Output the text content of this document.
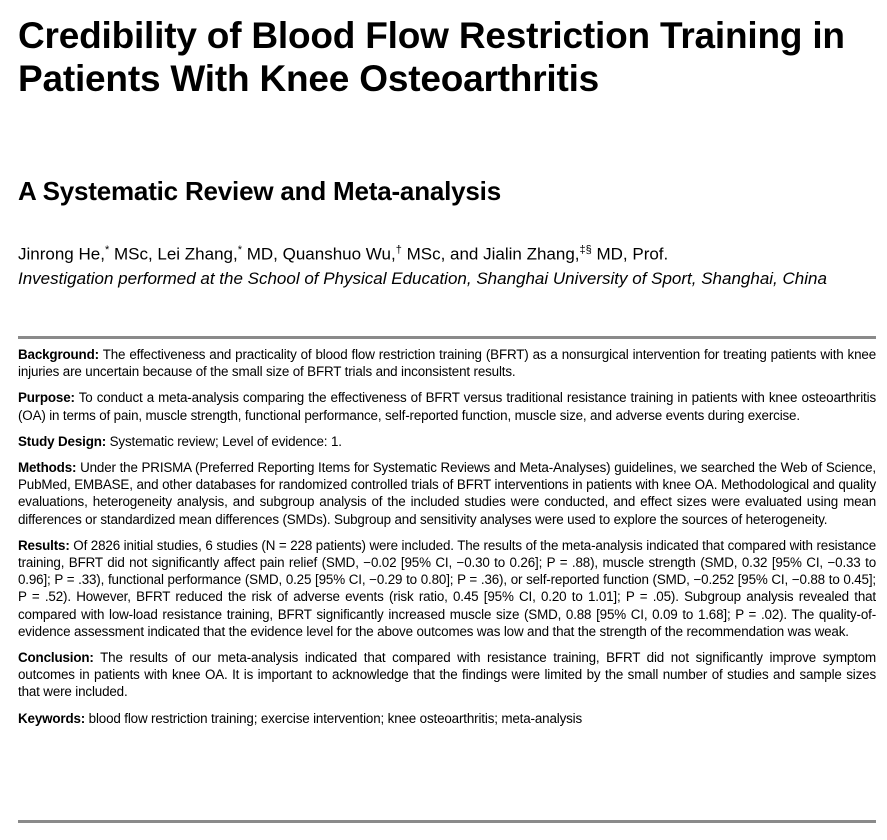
Credibility of Blood Flow Restriction Training in Patients With Knee Osteoarthritis
A Systematic Review and Meta-analysis
Jinrong He,* MSc, Lei Zhang,* MD, Quanshuo Wu,† MSc, and Jialin Zhang,‡§ MD, Prof.
Investigation performed at the School of Physical Education, Shanghai University of Sport, Shanghai, China

Background: The effectiveness and practicality of blood flow restriction training (BFRT) as a nonsurgical intervention for treating patients with knee injuries are uncertain because of the small size of BFRT trials and inconsistent results.

Purpose: To conduct a meta-analysis comparing the effectiveness of BFRT versus traditional resistance training in patients with knee osteoarthritis (OA) in terms of pain, muscle strength, functional performance, self-reported function, muscle size, and adverse events during exercise.

Study Design: Systematic review; Level of evidence: 1.

Methods: Under the PRISMA (Preferred Reporting Items for Systematic Reviews and Meta-Analyses) guidelines, we searched the Web of Science, PubMed, EMBASE, and other databases for randomized controlled trials of BFRT interventions in patients with knee OA. Methodological and quality evaluations, heterogeneity analysis, and subgroup analysis of the included studies were conducted, and effect sizes were evaluated using mean differences or standardized mean differences (SMDs). Subgroup and sensitivity analyses were used to explore the sources of heterogeneity.

Results: Of 2826 initial studies, 6 studies (N = 228 patients) were included. The results of the meta-analysis indicated that compared with resistance training, BFRT did not significantly affect pain relief (SMD, −0.02 [95% CI, −0.30 to 0.26]; P = .88), muscle strength (SMD, 0.32 [95% CI, −0.33 to 0.96]; P = .33), functional performance (SMD, 0.25 [95% CI, −0.29 to 0.80]; P = .36), or self-reported function (SMD, −0.252 [95% CI, −0.88 to 0.45]; P = .52). However, BFRT reduced the risk of adverse events (risk ratio, 0.45 [95% CI, 0.20 to 1.01]; P = .05). Subgroup analysis revealed that compared with low-load resistance training, BFRT significantly increased muscle size (SMD, 0.88 [95% CI, 0.09 to 1.68]; P = .02). The quality-of-evidence assessment indicated that the evidence level for the above outcomes was low and that the strength of the recommendation was weak.

Conclusion: The results of our meta-analysis indicated that compared with resistance training, BFRT did not significantly improve symptom outcomes in patients with knee OA. It is important to acknowledge that the findings were limited by the small number of studies and sample sizes that were included.

Keywords: blood flow restriction training; exercise intervention; knee osteoarthritis; meta-analysis
